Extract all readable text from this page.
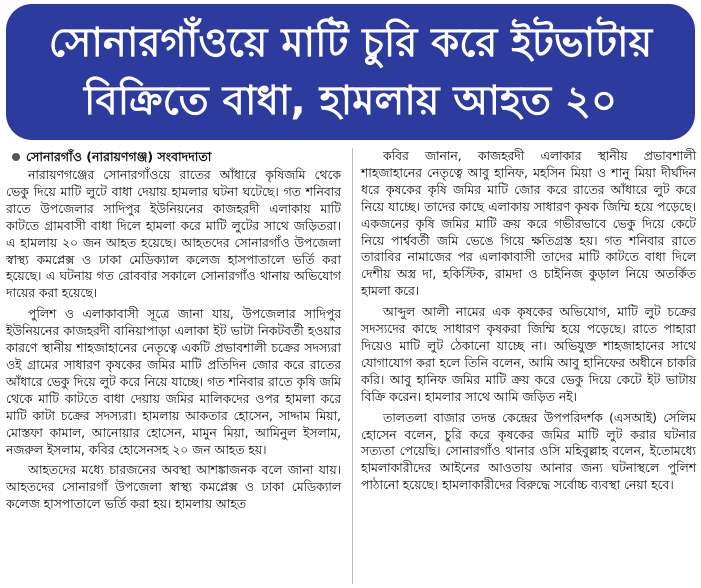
সোনারগাঁওয়ে মাটি চুরি করে ইটভাটায়
বিক্রিতে বাধা, হামলায় আহত ২০
সোনারগাঁও (নারায়ণগঞ্জ) সংবাদদাতা

নারায়ণগঞ্জের সোনারগাঁওয়ে রাতের আঁধারে কৃষিজমি থেকে ভেকু দিয়ে মাটি লুটে বাধা দেয়ায় হামলার ঘটনা ঘটেছে। গত শনিবার রাতে উপজেলার সাদিপুর ইউনিয়নের কাজহরদী এলাকায় মাটি কাটতে গ্রামবাসী বাধা দিলে হামলা করে মাটি লুটের সাথে জড়িতরা। এ হামলায় ২০ জন আহত হয়েছে। আহতদের সোনারগাঁও উপজেলা স্বাস্থ্য কমপ্লেক্স ও ঢাকা মেডিক্যাল কলেজ হাসপাতালে ভর্তি করা হয়েছে। এ ঘটনায় গত রোববার সকালে সোনারগাঁও থানায় অভিযোগ দায়ের করা হয়েছে।

পুলিশ ও এলাকাবাসী সূত্রে জানা যায়, উপজেলার সাদিপুর ইউনিয়নের কাজহরদী বানিয়াপাড়া এলাকা ইট ভাটা নিকটবর্তী হওয়ার কারণে স্থানীয় শাহজাহানের নেতৃত্বে একটি প্রভাবশালী চক্রের সদস্যরা ওই গ্রামের সাধারণ কৃষকের জমির মাটি প্রতিদিন জোর করে রাতের আঁধারে ভেকু দিয়ে লুট করে নিয়ে যাচ্ছে। গত শনিবার রাতে কৃষি জমি থেকে মাটি কাটতে বাধা দেয়ায় জমির মালিকদের ওপর হামলা করে মাটি কাটা চক্রের সদস্যরা। হামলায় আকতার হোসেন, সাদ্দাম মিয়া, মোস্তফা কামাল, আনোয়ার হোসেন, মামুন মিয়া, আমিনুল ইসলাম, নজরুল ইসলাম, কবির হোসেনসহ ২০ জন আহত হয়।

আহতদের মধ্যে চারজনের অবস্থা আশঙ্কাজনক বলে জানা যায়। আহতদের সোনারগাঁ উপজেলা স্বাস্থ্য কমপ্লেক্স ও ঢাকা মেডিক্যাল কলেজ হাসপাতালে ভর্তি করা হয়। হামলায় আহত

কবির জানান, কাজহরদী এলাকার স্থানীয় প্রভাবশালী শাহজাহানের নেতৃত্বে আবু হানিফ, মহসিন মিয়া ও শানু মিয়া দীর্ঘদিন ধরে কৃষকের কৃষি জমির মাটি জোর করে রাতের আঁধারে লুট করে নিয়ে যাচ্ছে। তাদের কাছে এলাকায় সাধারণ কৃষক জিম্মি হয়ে পড়েছে। একজনের কৃষি জমির মাটি ক্রয় করে গভীরভাবে ভেকু দিয়ে কেটে নিয়ে পার্শ্ববর্তী জমি ভেঙে গিয়ে ক্ষতিগ্রস্ত হয়। গত শনিবার রাতে তারাবির নামাজের পর এলাকাবাসী তাদের মাটি কাটতে বাধা দিলে দেশীয় অস্ত্র দা, হকিস্টিক, রামদা ও চাইনিজ কুড়াল নিয়ে অতর্কিত হামলা করে।

আব্দুল আলী নামের এক কৃষকের অভিযোগ, মাটি লুট চক্রের সদস্যদের কাছে সাধারণ কৃষকরা জিম্মি হয়ে পড়েছে। রাতে পাহারা দিয়েও মাটি লুট ঠেকানো যাচ্ছে না। অভিযুক্ত শাহজাহানের সাথে যোগাযোগ করা হলে তিনি বলেন, আমি আবু হানিফের অধীনে চাকরি করি। আবু হানিফ জমির মাটি ক্রয় করে ভেকু দিয়ে কেটে ইট ভাটায় বিক্রি করেন। হামলার সাথে আমি জড়িত নই।

তালতলা বাজার তদন্ত কেন্দ্রের উপপরিদর্শক (এসআই) সেলিম হোসেন বলেন, চুরি করে কৃষকের জমির মাটি লুট করার ঘটনার সত্যতা পেয়েছি। সোনারগাঁও থানার ওসি মহিবুল্লাহ বলেন, ইতোমধ্যে হামলাকারীদের আইনের আওতায় আনার জন্য ঘটনাস্থলে পুলিশ পাঠানো হয়েছে। হামলাকারীদের বিরুদ্ধে সর্বোচ্চ ব্যবস্থা নেয়া হবে।
